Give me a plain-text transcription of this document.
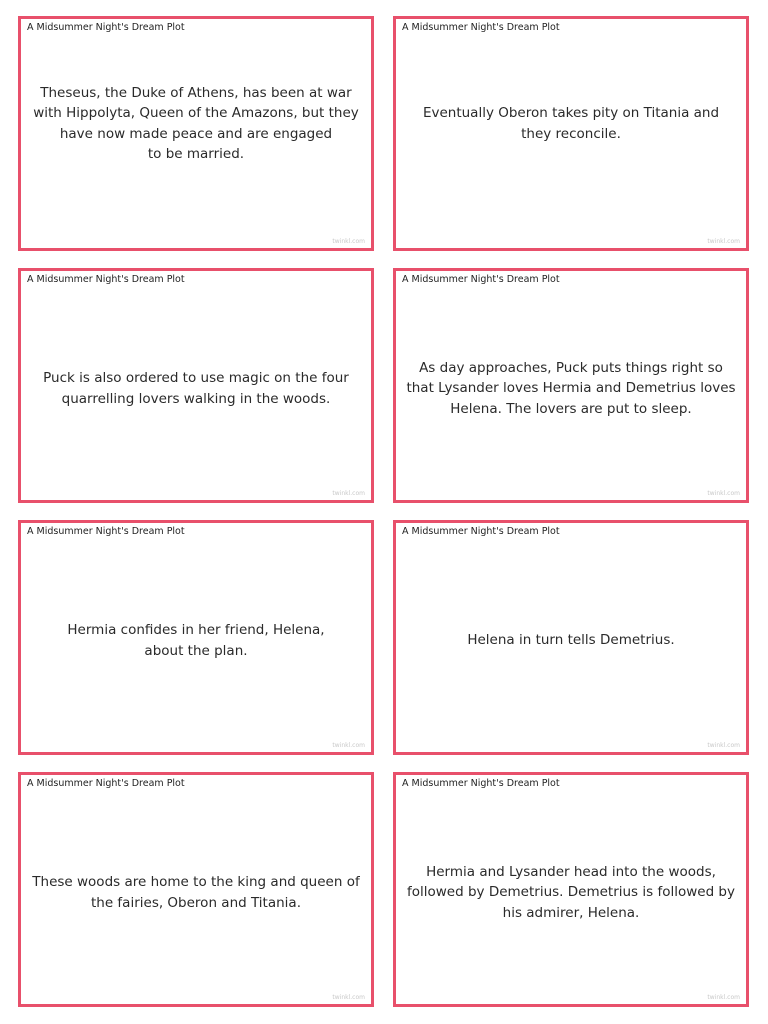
A Midsummer Night's Dream Plot
Theseus, the Duke of Athens, has been at war
with Hippolyta, Queen of the Amazons, but they
have now made peace and are engaged
to be married.
twinkl.com
A Midsummer Night's Dream Plot
Eventually Oberon takes pity on Titania and
they reconcile.
twinkl.com
A Midsummer Night's Dream Plot
Puck is also ordered to use magic on the four
quarrelling lovers walking in the woods.
twinkl.com
A Midsummer Night's Dream Plot
As day approaches, Puck puts things right so
that Lysander loves Hermia and Demetrius loves
Helena. The lovers are put to sleep.
twinkl.com
A Midsummer Night's Dream Plot
Hermia confides in her friend, Helena,
about the plan.
twinkl.com
A Midsummer Night's Dream Plot
Helena in turn tells Demetrius.
twinkl.com
A Midsummer Night's Dream Plot
These woods are home to the king and queen of
the fairies, Oberon and Titania.
twinkl.com
A Midsummer Night's Dream Plot
Hermia and Lysander head into the woods,
followed by Demetrius. Demetrius is followed by
his admirer, Helena.
twinkl.com
